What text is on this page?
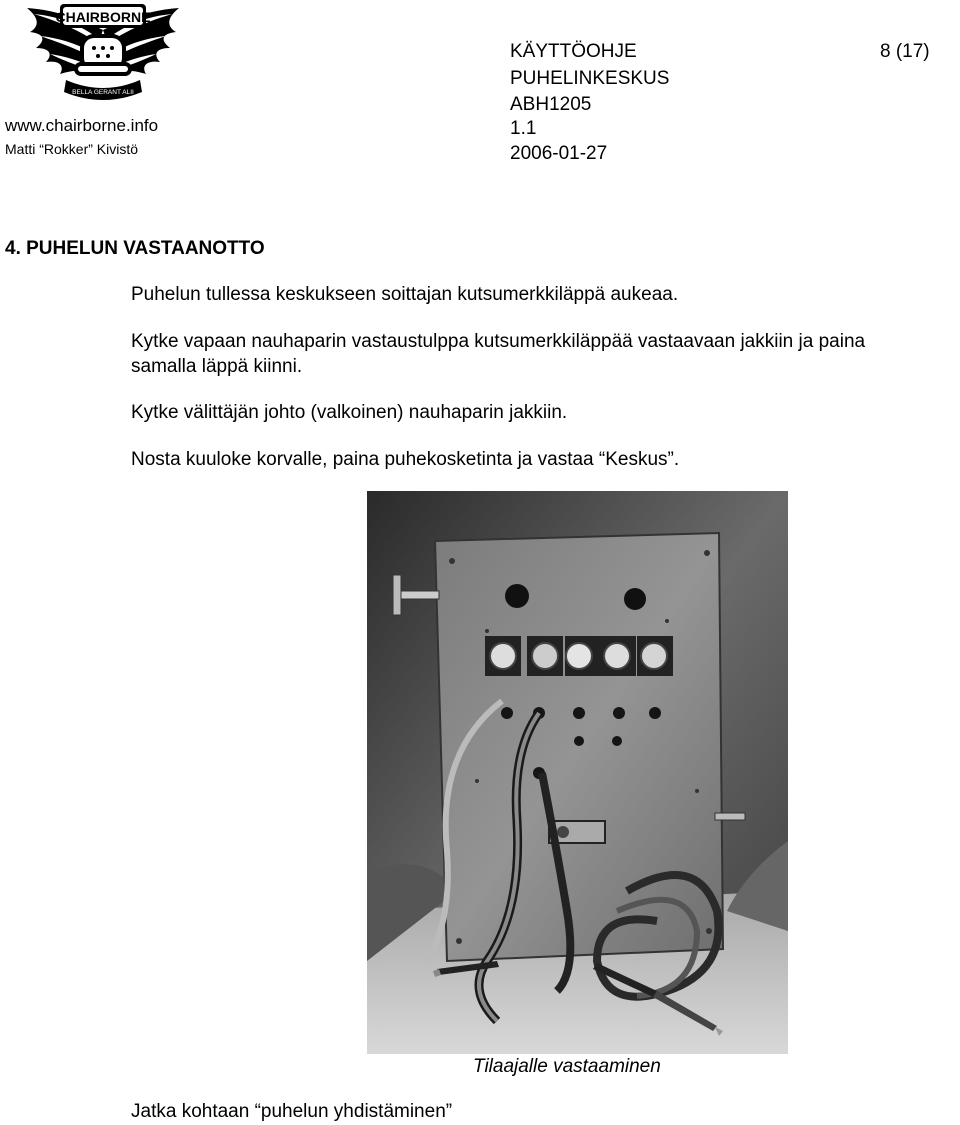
CHAIRBORNE
BELLA GERANT ALII
www.chairborne.info
Matti “Rokker” Kivistö
KÄYTTÖOHJE
PUHELINKESKUS
ABH1205
1.1
2006-01-27
8 (17)
4. PUHELUN VASTAANOTTO
Puhelun tullessa keskukseen soittajan kutsumerkkiläppä aukeaa.
Kytke vapaan nauhaparin vastaustulppa kutsumerkkiläppää vastaavaan jakkiin ja paina
samalla läppä kiinni.
Kytke välittäjän johto (valkoinen) nauhaparin jakkiin.
Nosta kuuloke korvalle, paina puhekosketinta ja vastaa “Keskus”.
Tilaajalle vastaaminen
Jatka kohtaan “puhelun yhdistäminen”
